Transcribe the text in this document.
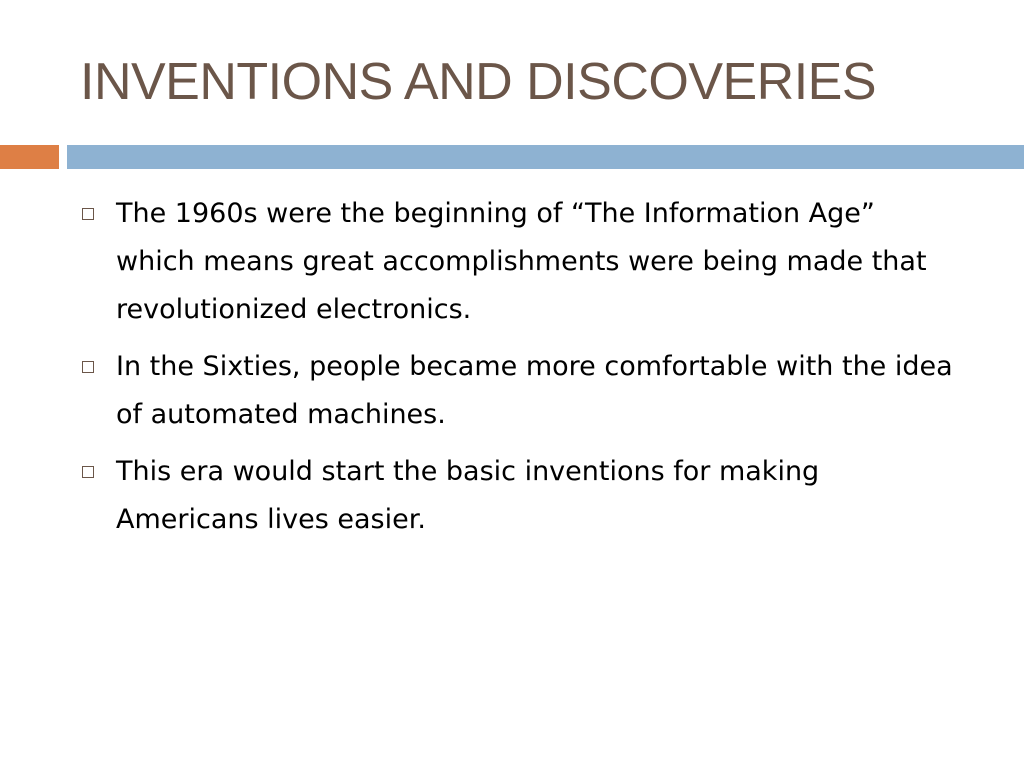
INVENTIONS AND DISCOVERIES
The 1960s were the beginning of “The Information Age” which means great accomplishments were being made that revolutionized electronics.
In the Sixties, people became more comfortable with the idea of automated machines.
This era would start the basic inventions for making Americans lives easier.
